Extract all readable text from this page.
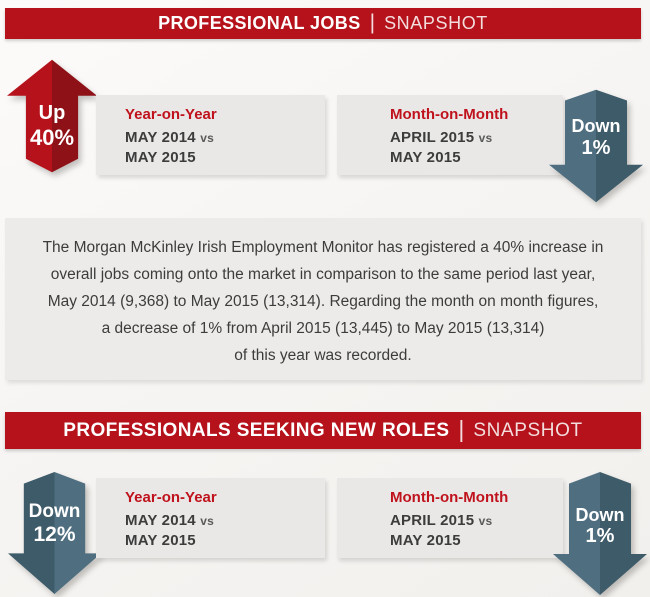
PROFESSIONAL JOBS | SNAPSHOT
Up
40%
Year-on-Year
MAY 2014 vs
MAY 2015
Month-on-Month
APRIL 2015 vs
MAY 2015
Down
1%
The Morgan McKinley Irish Employment Monitor has registered a 40% increase in
overall jobs coming onto the market in comparison to the same period last year,
May 2014 (9,368) to May 2015 (13,314). Regarding the month on month figures,
a decrease of 1% from April 2015 (13,445) to May 2015 (13,314)
of this year was recorded.
PROFESSIONALS SEEKING NEW ROLES | SNAPSHOT
Down
12%
Year-on-Year
MAY 2014 vs
MAY 2015
Month-on-Month
APRIL 2015 vs
MAY 2015
Down
1%
